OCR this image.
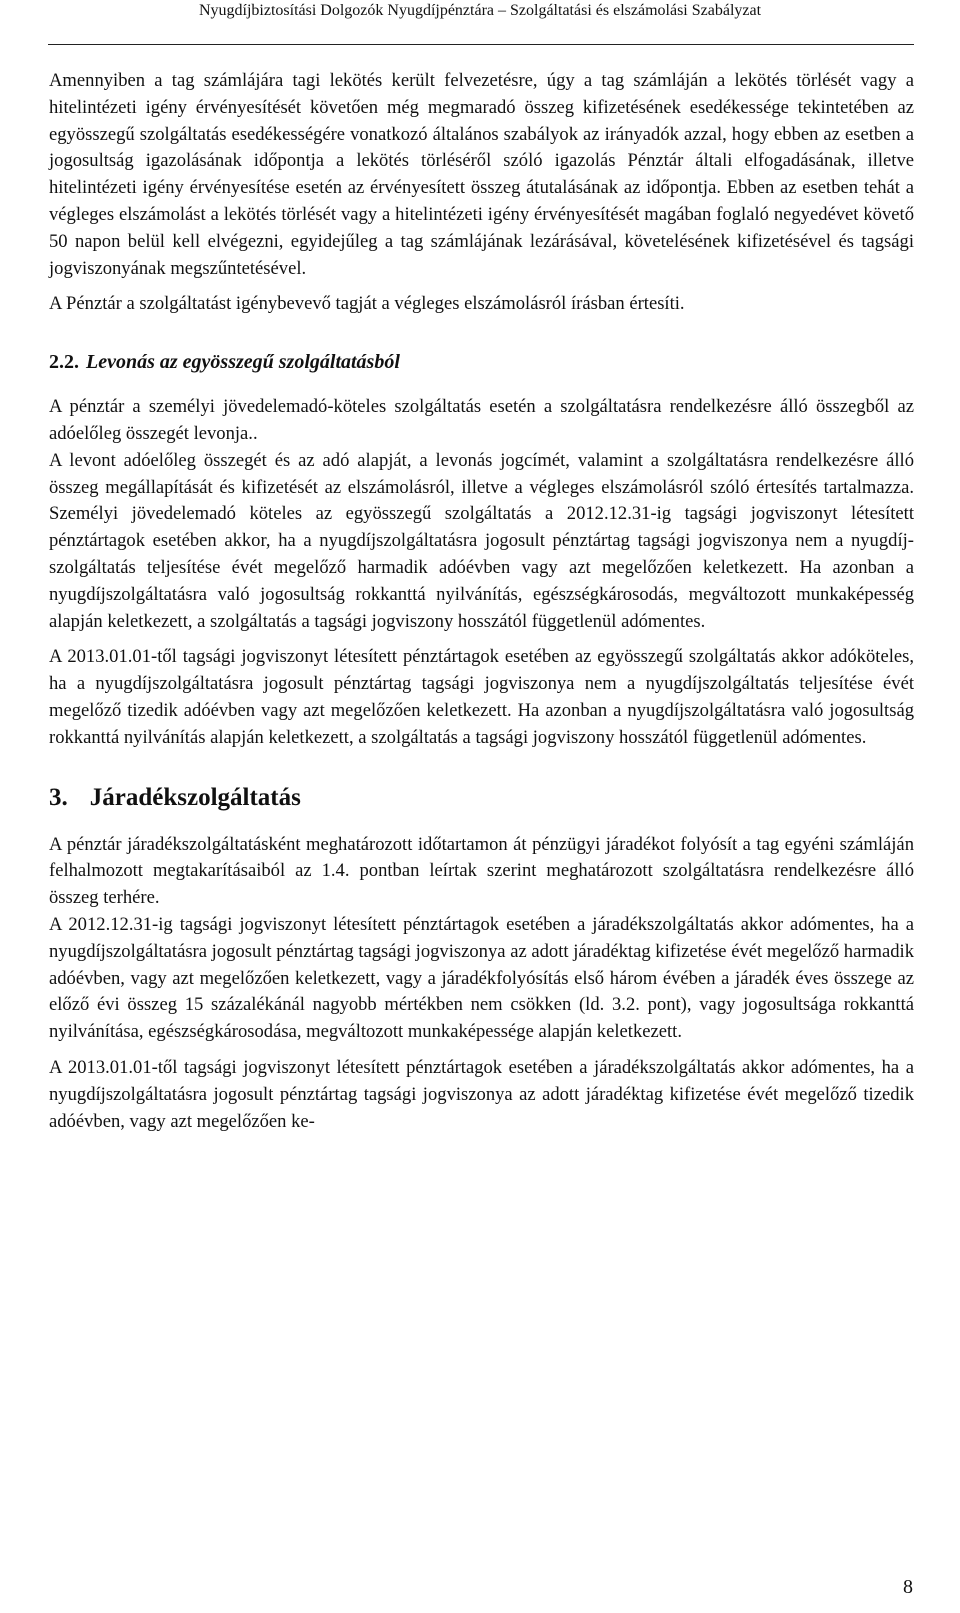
Nyugdíjbiztosítási Dolgozók Nyugdíjpénztára – Szolgáltatási és elszámolási Szabályzat

Amennyiben a tag számlájára tagi lekötés került felvezetésre, úgy a tag számláján a lekötés törlését vagy a hitelintézeti igény érvényesítését követően még megmaradó összeg kifizetésének esedékessége tekintetében az egyösszegű szolgáltatás esedékességére vonatkozó általános szabályok az irányadók azzal, hogy ebben az esetben a jogosultság igazolásának időpontja a lekötés törléséről szóló igazolás Pénztár általi elfogadásának, illetve hitelintézeti igény érvényesítése esetén az érvényesített összeg átutalásának az időpontja. Ebben az esetben tehát a végleges elszámolást a lekötés törlését vagy a hitelintézeti igény érvényesítését magában foglaló negyedévet követő 50 napon belül kell elvégezni, egyidejűleg a tag számlájának lezárásával, követelésének kifizetésével és tagsági jogviszonyának megszűntetésével.

A Pénztár a szolgáltatást igénybevevő tagját a végleges elszámolásról írásban értesíti.

2.2. Levonás az egyösszegű szolgáltatásból

A pénztár a személyi jövedelemadó-köteles szolgáltatás esetén a szolgáltatásra rendelkezésre álló összegből az adóelőleg összegét levonja..

A levont adóelőleg összegét és az adó alapját, a levonás jogcímét, valamint a szolgáltatásra rendelkezésre álló összeg megállapítását és kifizetését az elszámolásról, illetve a végleges elszámolásról szóló értesítés tartalmazza. Személyi jövedelemadó köteles az egyösszegű szolgáltatás a 2012.12.31-ig tagsági jogviszonyt létesített pénztártagok esetében akkor, ha a nyugdíjszolgáltatásra jogosult pénztártag tagsági jogviszonya nem a nyugdíjszolgáltatás teljesítése évét megelőző harmadik adóévben vagy azt megelőzően keletkezett. Ha azonban a nyugdíjszolgáltatásra való jogosultság rokkanttá nyilvánítás, egészségkárosodás, megváltozott munkaképesség alapján keletkezett, a szolgáltatás a tagsági jogviszony hosszától függetlenül adómentes.

A 2013.01.01-től tagsági jogviszonyt létesített pénztártagok esetében az egyösszegű szolgáltatás akkor adóköteles, ha a nyugdíjszolgáltatásra jogosult pénztártag tagsági jogviszonya nem a nyugdíjszolgáltatás teljesítése évét megelőző tizedik adóévben vagy azt megelőzően keletkezett. Ha azonban a nyugdíjszolgáltatásra való jogosultság rokkanttá nyilvánítás alapján keletkezett, a szolgáltatás a tagsági jogviszony hosszától függetlenül adómentes.

3. Járadékszolgáltatás

A pénztár járadékszolgáltatásként meghatározott időtartamon át pénzügyi járadékot folyósít a tag egyéni számláján felhalmozott megtakarításaiból az 1.4. pontban leírtak szerint meghatározott szolgáltatásra rendelkezésre álló összeg terhére.

A 2012.12.31-ig tagsági jogviszonyt létesített pénztártagok esetében a járadékszolgáltatás akkor adómentes, ha a nyugdíjszolgáltatásra jogosult pénztártag tagsági jogviszonya az adott járadéktag kifizetése évét megelőző harmadik adóévben, vagy azt megelőzően keletkezett, vagy a járadékfolyósítás első három évében a járadék éves összege az előző évi összeg 15 százalékánál nagyobb mértékben nem csökken (ld. 3.2. pont), vagy jogosultsága rokkanttá nyilvánítása, egészségkárosodása, megváltozott munkaképessége alapján keletkezett.

A 2013.01.01-től tagsági jogviszonyt létesített pénztártagok esetében a járadékszolgáltatás akkor adómentes, ha a nyugdíjszolgáltatásra jogosult pénztártag tagsági jogviszonya az adott járadéktag kifizetése évét megelőző tizedik adóévben, vagy azt megelőzően ke-

8
